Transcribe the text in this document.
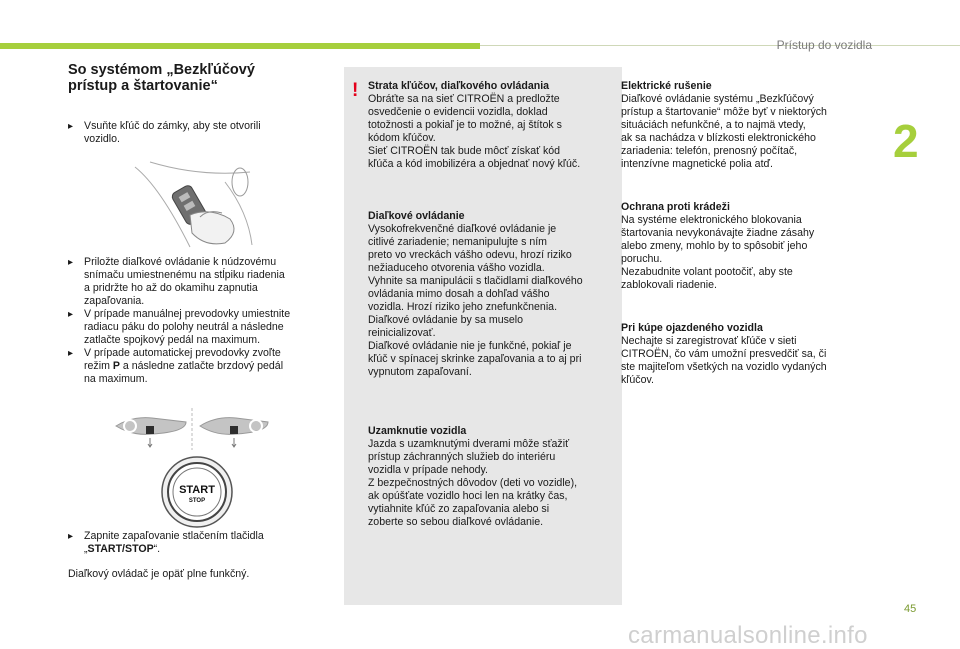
Prístup do vozidla
2
So systémom „Bezkľúčový
prístup a štartovanie“
▸ Vsuňte kľúč do zámky, aby ste otvorili
vozidlo.
▸ Priložte diaľkové ovládanie k núdzovému
snímaču umiestnenému na stĺpiku riadenia
a pridržte ho až do okamihu zapnutia
zapaľovania.
▸ V prípade manuálnej prevodovky umiestnite
radiacu páku do polohy neutrál a následne
zatlačte spojkový pedál na maximum.
▸ V prípade automatickej prevodovky zvoľte
režim P a následne zatlačte brzdový pedál
na maximum.
▸ Zapnite zapaľovanie stlačením tlačidla
„START/STOP“.
Diaľkový ovládač je opäť plne funkčný.
START
STOP
! Strata kľúčov, diaľkového ovládania

Obráťte sa na sieť CITROËN a predložte
osvedčenie o evidencii vozidla, doklad
totožnosti a pokiaľ je to možné, aj štítok s
kódom kľúčov.
Sieť CITROËN tak bude môcť získať kód
kľúča a kód imobilizéra a objednať nový kľúč.

Diaľkové ovládanie

Vysokofrekvenčné diaľkové ovládanie je
citlivé zariadenie; nemanipulujte s ním
preto vo vreckách vášho odevu, hrozí riziko
nežiaduceho otvorenia vášho vozidla.
Vyhnite sa manipulácii s tlačidlami diaľkového
ovládania mimo dosah a dohľad vášho
vozidla. Hrozí riziko jeho znefunkčnenia.
Diaľkové ovládanie by sa muselo
reinicializovať.
Diaľkové ovládanie nie je funkčné, pokiaľ je
kľúč v spínacej skrinke zapaľovania a to aj pri
vypnutom zapaľovaní.

Uzamknutie vozidla

Jazda s uzamknutými dverami môže sťažiť
prístup záchranných služieb do interiéru
vozidla v prípade nehody.
Z bezpečnostných dôvodov (deti vo vozidle),
ak opúšťate vozidlo hoci len na krátky čas,
vytiahnite kľúč zo zapaľovania alebo si
zoberte so sebou diaľkové ovládanie.

Elektrické rušenie

Diaľkové ovládanie systému „Bezkľúčový
prístup a štartovanie“ môže byť v niektorých
situáciách nefunkčné, a to najmä vtedy,
ak sa nachádza v blízkosti elektronického
zariadenia: telefón, prenosný počítač,
intenzívne magnetické polia atď.

Ochrana proti krádeži

Na systéme elektronického blokovania
štartovania nevykonávajte žiadne zásahy
alebo zmeny, mohlo by to spôsobiť jeho
poruchu.
Nezabudnite volant pootočiť, aby ste
zablokovali riadenie.

Pri kúpe ojazdeného vozidla

Nechajte si zaregistrovať kľúče v sieti
CITROËN, čo vám umožní presvedčiť sa, či
ste majiteľom všetkých na vozidlo vydaných
kľúčov.

45
carmanualsonline.info
